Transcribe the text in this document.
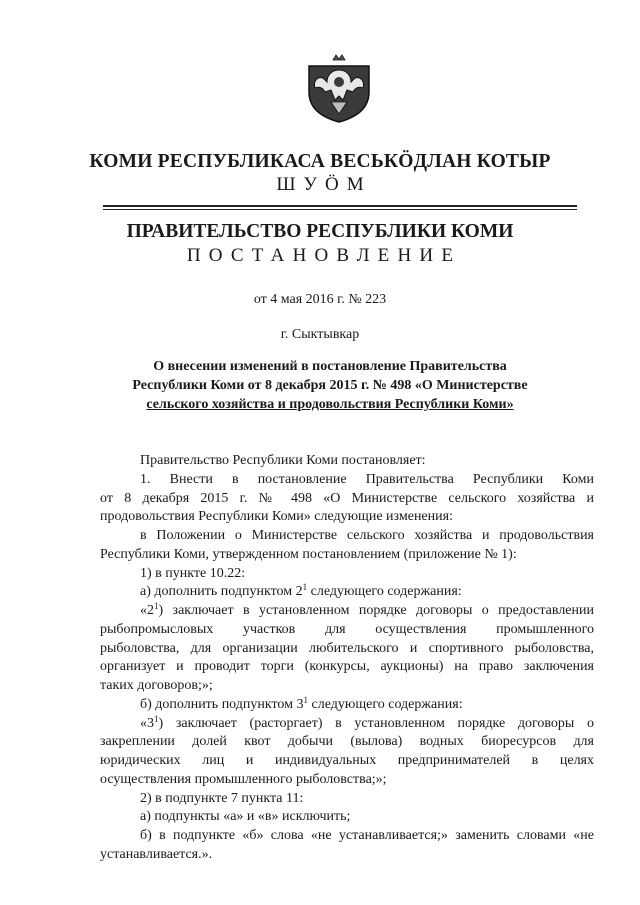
КОМИ РЕСПУБЛИКАСА ВЕСЬКӦДЛАН КОТЫР
ШУӦМ
ПРАВИТЕЛЬСТВО РЕСПУБЛИКИ КОМИ
ПОСТАНОВЛЕНИЕ
от 4 мая 2016 г. № 223
г. Сыктывкар
О внесении изменений в постановление Правительства
Республики Коми от 8 декабря 2015 г. № 498 «О Министерстве
сельского хозяйства и продовольствия Республики Коми»

Правительство Республики Коми постановляет:

1. Внести в постановление Правительства Республики Коми

от 8 декабря 2015 г. № 498 «О Министерстве сельского хозяйства и

продовольствия Республики Коми» следующие изменения:

в Положении о Министерстве сельского хозяйства и продовольствия

Республики Коми, утвержденном постановлением (приложение № 1):

1) в пункте 10.22:

а) дополнить подпунктом $2^1$ следующего содержания:

«$2^1$) заключает в установленном порядке договоры о предоставлении

рыбопромысловых участков для осуществления промышленного

рыболовства, для организации любительского и спортивного рыболовства,

организует и проводит торги (конкурсы, аукционы) на право заключения

таких договоров;»;

б) дополнить подпунктом $3^1$ следующего содержания:

«$3^1$) заключает (расторгает) в установленном порядке договоры о

закреплении долей квот добычи (вылова) водных биоресурсов для

юридических лиц и индивидуальных предпринимателей в целях

осуществления промышленного рыболовства;»;

2) в подпункте 7 пункта 11:

а) подпункты «а» и «в» исключить;

б) в подпункте «б» слова «не устанавливается;» заменить словами «не

устанавливается.».
